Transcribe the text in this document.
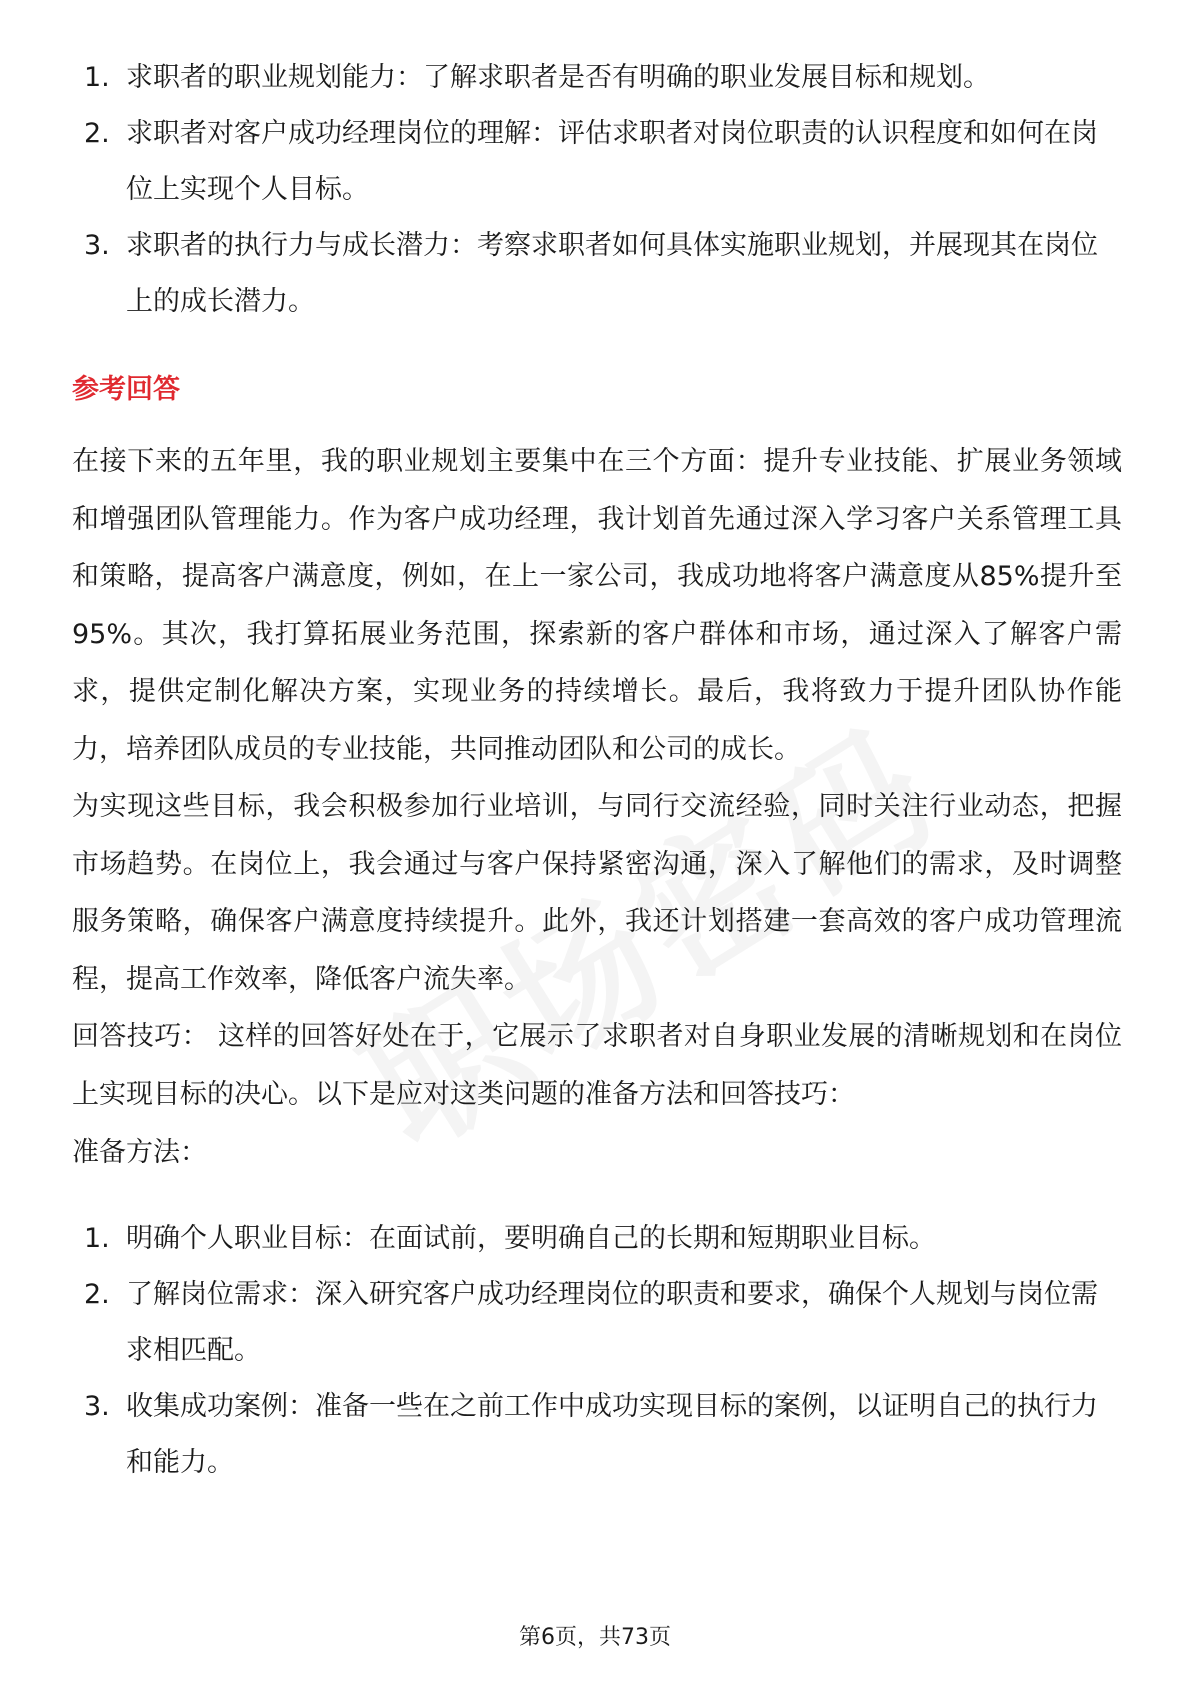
1. 求职者的职业规划能力：了解求职者是否有明确的职业发展目标和规划。
2. 求职者对客户成功经理岗位的理解：评估求职者对岗位职责的认识程度和如何在岗位上实现个人目标。
3. 求职者的执行力与成长潜力：考察求职者如何具体实施职业规划，并展现其在岗位上的成长潜力。
参考回答
在接下来的五年里，我的职业规划主要集中在三个方面：提升专业技能、扩展业务领域和增强团队管理能力。作为客户成功经理，我计划首先通过深入学习客户关系管理工具和策略，提高客户满意度，例如，在上一家公司，我成功地将客户满意度从85%提升至95%。其次，我打算拓展业务范围，探索新的客户群体和市场，通过深入了解客户需求，提供定制化解决方案，实现业务的持续增长。最后，我将致力于提升团队协作能力，培养团队成员的专业技能，共同推动团队和公司的成长。
为实现这些目标，我会积极参加行业培训，与同行交流经验，同时关注行业动态，把握市场趋势。在岗位上，我会通过与客户保持紧密沟通，深入了解他们的需求，及时调整服务策略，确保客户满意度持续提升。此外，我还计划搭建一套高效的客户成功管理流程，提高工作效率，降低客户流失率。
回答技巧： 这样的回答好处在于，它展示了求职者对自身职业发展的清晰规划和在岗位上实现目标的决心。以下是应对这类问题的准备方法和回答技巧：
准备方法：
1. 明确个人职业目标：在面试前，要明确自己的长期和短期职业目标。
2. 了解岗位需求：深入研究客户成功经理岗位的职责和要求，确保个人规划与岗位需求相匹配。
3. 收集成功案例：准备一些在之前工作中成功实现目标的案例，以证明自己的执行力和能力。
第6页，共73页
